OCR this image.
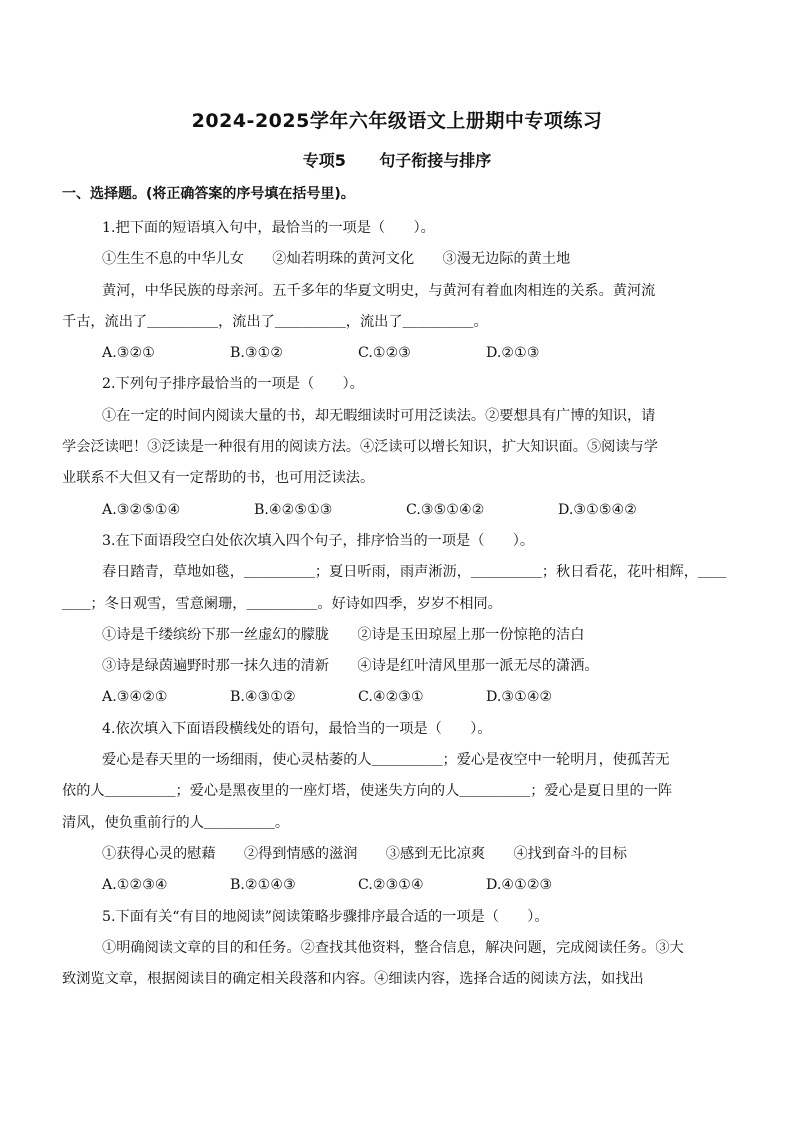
2024-2025学年六年级语文上册期中专项练习
专项5      句子衔接与排序
一、选择题。(将正确答案的序号填在括号里)。
1.把下面的短语填入句中，最恰当的一项是（　　）。
①生生不息的中华儿女　　②灿若明珠的黄河文化　　③漫无边际的黄土地
黄河，中华民族的母亲河。五千多年的华夏文明史，与黄河有着血肉相连的关系。黄河流
千古，流出了＿＿＿＿＿，流出了＿＿＿＿＿，流出了＿＿＿＿＿。
A.③②①	B.③①②	C.①②③	D.②①③
2.下列句子排序最恰当的一项是（　　）。
①在一定的时间内阅读大量的书，却无暇细读时可用泛读法。②要想具有广博的知识，请
学会泛读吧！③泛读是一种很有用的阅读方法。④泛读可以增长知识，扩大知识面。⑤阅读与学
业联系不大但又有一定帮助的书，也可用泛读法。
A.③②⑤①④	B.④②⑤①③	C.③⑤①④②	D.③①⑤④②
3.在下面语段空白处依次填入四个句子，排序恰当的一项是（　　）。
春日踏青，草地如毯，＿＿＿＿＿；夏日听雨，雨声淅沥，＿＿＿＿＿；秋日看花，花叶相辉，＿＿
＿＿；冬日观雪，雪意阑珊，＿＿＿＿＿。好诗如四季，岁岁不相同。
①诗是千缕缤纷下那一丝虚幻的朦胧　　②诗是玉田琼屋上那一份惊艳的洁白
③诗是绿茵遍野时那一抹久违的清新　　④诗是红叶清风里那一派无尽的潇洒。
A.③④②①	B.④③①②	C.④②③①	D.③①④②
4.依次填入下面语段横线处的语句，最恰当的一项是（　　）。
爱心是春天里的一场细雨，使心灵枯萎的人＿＿＿＿＿；爱心是夜空中一轮明月，使孤苦无
依的人＿＿＿＿＿；爱心是黑夜里的一座灯塔，使迷失方向的人＿＿＿＿＿；爱心是夏日里的一阵
清风，使负重前行的人＿＿＿＿＿。
①获得心灵的慰藉　　②得到情感的滋润　　③感到无比凉爽　　④找到奋斗的目标
A.①②③④	B.②①④③	C.②③①④	D.④①②③
5.下面有关“有目的地阅读”阅读策略步骤排序最合适的一项是（　　）。
①明确阅读文章的目的和任务。②查找其他资料，整合信息，解决问题，完成阅读任务。③大
致浏览文章，根据阅读目的确定相关段落和内容。④细读内容，选择合适的阅读方法，如找出
